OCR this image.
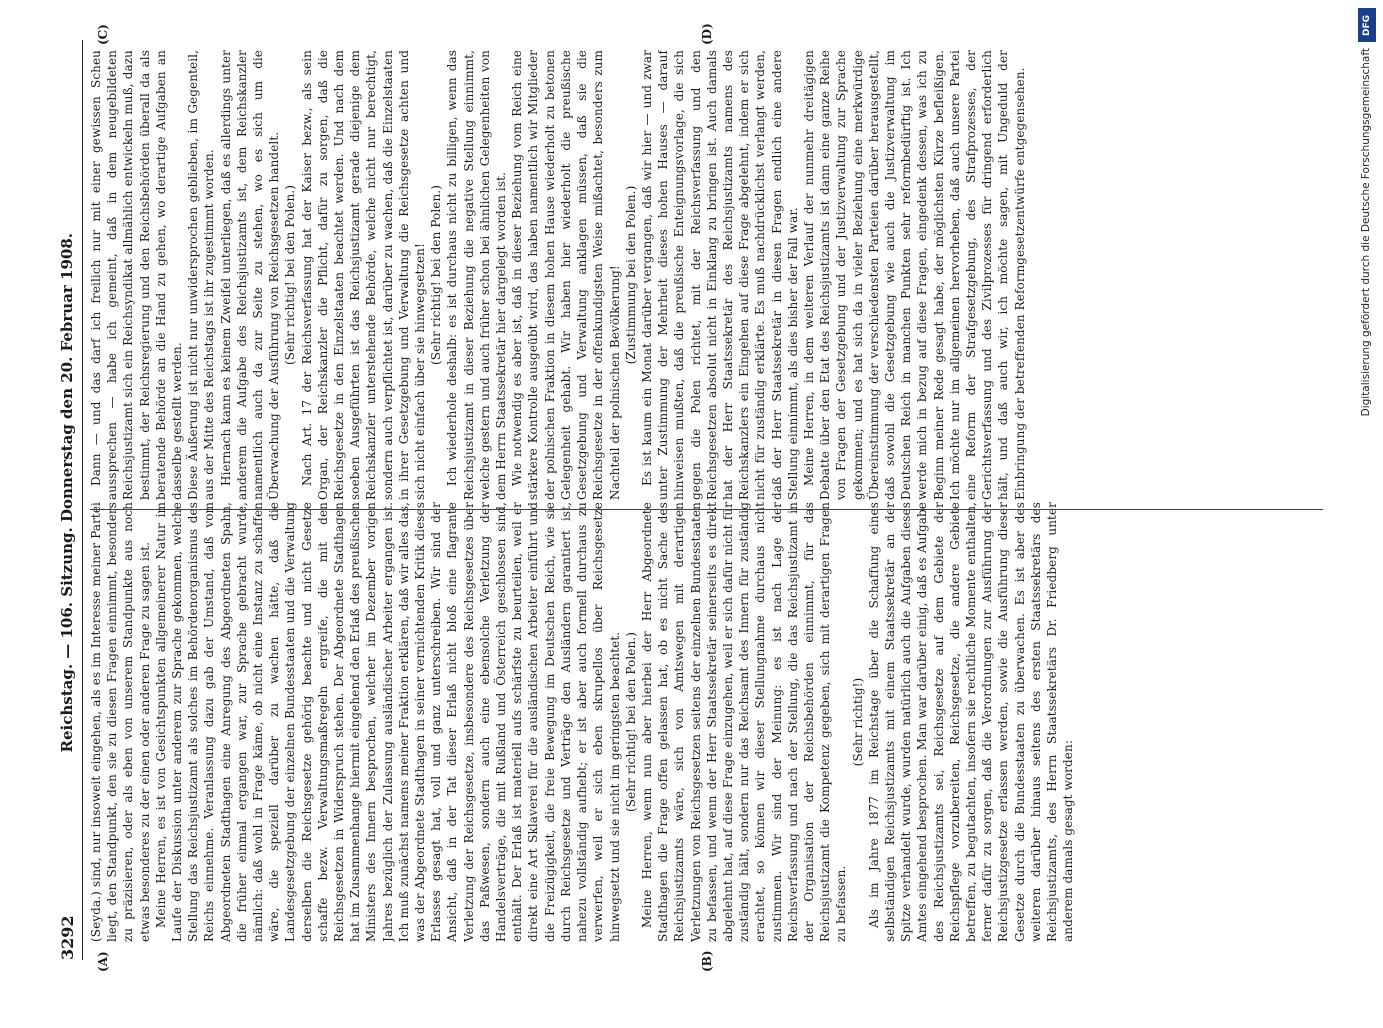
3292
Reichstag. — 106. Sitzung. Donnerstag den 20. Februar 1908.
(A)	(B)
(C)	(D)

(Seyda.) sind, nur insoweit eingehen, als es im Interesse meiner Partei liegt, den Standpunkt, den sie zu diesen Fragen einnimmt, besonders zu präzisieren, oder als eben von unserem Standpunkte aus noch etwas besonderes zu der einen oder anderen Frage zu sagen ist. Meine Herren, es ist von Gesichtspunkten allgemeinerer Natur im Laufe der Diskussion unter anderem zur Sprache gekommen, welche Stellung das Reichsjustizamt als solches im Behördenorganismus des Reichs einnehme. Veranlassung dazu gab der Umstand, daß vom Abgeordneten Stadthagen eine Anregung des Abgeordneten Spahn, die früher einmal ergangen war, zur Sprache gebracht wurde, nämlich: daß wohl in Frage käme, ob nicht eine Instanz zu schaffen wäre, die speziell darüber zu wachen hätte, daß die Landesgesetzgebung der einzelnen Bundesstaaten und die Verwaltung derselben die Reichsgesetze gehörig beachte und nicht Gesetze schaffe bezw. Verwaltungsmaßregeln ergreife, die mit den Reichsgesetzen in Widerspruch stehen. Der Abgeordnete Stadthagen hat im Zusammenhange hiermit eingehend den Erlaß des preußischen Ministers des Innern besprochen, welcher im Dezember vorigen Jahres bezüglich der Zulassung ausländischer Arbeiter ergangen ist. Ich muß zunächst namens meiner Fraktion erklären, daß wir alles das, was der Abgeordnete Stadthagen in seiner vernichtenden Kritik dieses Erlasses gesagt hat, voll und ganz unterschreiben. Wir sind der Ansicht, daß in der Tat dieser Erlaß nicht bloß eine flagrante Verletzung der Reichsgesetze, insbesondere des Reichsgesetzes über das Paßwesen, sondern auch eine ebensolche Verletzung der Handelsverträge, die mit Rußland und Österreich geschlossen sind, enthält. Der Erlaß ist materiell aufs schärfste zu beurteilen, weil er direkt eine Art Sklaverei für die ausländischen Arbeiter einführt und die Freizügigkeit, die freie Bewegung im Deutschen Reich, wie sie durch Reichsgesetze und Verträge den Ausländern garantiert ist, nahezu vollständig aufhebt; er ist aber auch formell durchaus zu verwerfen, weil er sich eben skrupellos über Reichsgesetze hinwegsetzt und sie nicht im geringsten beachtet. (Sehr richtig! bei den Polen.) Meine Herren, wenn nun aber hierbei der Herr Abgeordnete Stadthagen die Frage offen gelassen hat, ob es nicht Sache des Reichsjustizamts wäre, sich von Amtswegen mit derartigen Verletzungen von Reichsgesetzen seitens der einzelnen Bundesstaaten zu befassen, und wenn der Herr Staatssekretär seinerseits es direkt abgelehnt hat, auf diese Frage einzugehen, weil er sich dafür nicht für zuständig hält, sondern nur das Reichsamt des Innern für zuständig erachtet, so können wir dieser Stellungnahme durchaus nicht zustimmen. Wir sind der Meinung: es ist nach Lage der Reichsverfassung und nach der Stellung, die das Reichsjustizamt in der Organisation der Reichsbehörden einnimmt, für das Reichsjustizamt die Kompetenz gegeben, sich mit derartigen Fragen zu befassen.

(Sehr richtig!) Als im Jahre 1877 im Reichstage über die Schaffung eines selbständigen Reichsjustizamts mit einem Staatssekretär an der Spitze verhandelt wurde, wurden natürlich auch die Aufgaben dieses Amtes eingehend besprochen. Man war darüber einig, daß es Aufgabe des Reichsjustizamts sei, Reichsgesetze auf dem Gebiete der Reichspflege vorzubereiten, Reichsgesetze, die andere Gebiete betreffen, zu begutachten, insofern sie rechtliche Momente enthalten, ferner dafür zu sorgen, daß die Verordnungen zur Ausführung der Reichsjustizgesetze erlassen werden, sowie die Ausführung dieser Gesetze durch die Bundesstaaten zu überwachen. Es ist aber des weiteren darüber hinaus seitens des ersten Staatssekretärs des Reichsjustizamts, des Herrn Staatssekretärs Dr. Friedberg unter anderem damals gesagt worden:

Dann — und das darf ich freilich nur mit einer gewissen Scheu aussprechen — habe ich gemeint, daß in dem neugebildeten Reichsjustizamt sich ein Reichsyndikat allmählich entwickeln muß, dazu bestimmt, der Reichsregierung und den Reichsbehörden überall da als beratende Behörde an die Hand zu gehen, wo derartige Aufgaben an dasselbe gestellt werden. Diese Äußerung ist nicht nur unwidersprochen geblieben, im Gegenteil, aus der Mitte des Reichstags ist ihr zugestimmt worden. Hiernach kann es keinem Zweifel unterliegen, daß es allerdings unter anderem die Aufgabe des Reichsjustizamts ist, dem Reichskanzler namentlich auch da zur Seite zu stehen, wo es sich um die Überwachung der Ausführung von Reichsgesetzen handelt. (Sehr richtig! bei den Polen.) Nach Art. 17 der Reichsverfassung hat der Kaiser bezw., als sein Organ, der Reichskanzler die Pflicht, dafür zu sorgen, daß die Reichsgesetze in den Einzelstaaten beachtet werden. Und nach dem soeben Ausgeführten ist das Reichsjustizamt gerade diejenige dem Reichskanzler unterstehende Behörde, welche nicht nur berechtigt, sondern auch verpflichtet ist, darüber zu wachen, daß die Einzelstaaten in ihrer Gesetzgebung und Verwaltung die Reichsgesetze achten und sich nicht einfach über sie hinwegsetzen! (Sehr richtig! bei den Polen.) Ich wiederhole deshalb: es ist durchaus nicht zu billigen, wenn das Reichsjustizamt in dieser Beziehung die negative Stellung einnimmt, welche gestern und auch früher schon bei ähnlichen Gelegenheiten von dem Herrn Staatssekretär hier dargelegt worden ist. Wie notwendig es aber ist, daß in dieser Beziehung vom Reich eine stärkere Kontrolle ausgeübt wird, das haben namentlich wir Mitglieder der polnischen Fraktion in diesem hohen Hause wiederholt zu betonen Gelegenheit gehabt. Wir haben hier wiederholt die preußische Gesetzgebung und Verwaltung anklagen müssen, daß sie die Reichsgesetze in der offenkundigsten Weise mißachtet, besonders zum Nachteil der polnischen Bevölkerung! (Zustimmung bei den Polen.) Es ist kaum ein Monat darüber vergangen, daß wir hier — und zwar unter Zustimmung der Mehrheit dieses hohen Hauses — darauf hinweisen mußten, daß die preußische Enteignungsvorlage, die sich gegen die Polen richtet, mit der Reichsverfassung und den Reichsgesetzen absolut nicht in Einklang zu bringen ist. Auch damals hat der Herr Staatssekretär des Reichsjustizamts namens des Reichskanzlers ein Eingehen auf diese Frage abgelehnt, indem er sich nicht für zuständig erklärte. Es muß nachdrücklichst verlangt werden, daß der Herr Staatssekretär in diesen Fragen endlich eine andere Stellung einnimmt, als dies bisher der Fall war. Meine Herren, in dem weiteren Verlauf der nunmehr dreitägigen Debatte über den Etat des Reichsjustizamts ist dann eine ganze Reihe von Fragen der Gesetzgebung und der Justizverwaltung zur Sprache gekommen; und es hat sich da in vieler Beziehung eine merkwürdige Übereinstimmung der verschiedensten Parteien darüber herausgestellt, daß sowohl die Gesetzgebung wie auch die Justizverwaltung im Deutschen Reich in manchen Punkten sehr reformbedürftig ist. Ich werde mich in bezug auf diese Fragen, eingedenk dessen, was ich zu Beginn meiner Rede gesagt habe, der möglichsten Kürze befleißigen. Ich möchte nur im allgemeinen hervorheben, daß auch unsere Partei eine Reform der Strafgesetzgebung, des Strafprozesses, der Gerichtsverfassung und des Zivilprozesses für dringend erforderlich hält, und daß auch wir, ich möchte sagen, mit Ungeduld der Einbringung der betreffenden Reformgesetzentwürfe entgegensehen.

DFG
Digitalisierung gefördert durch die Deutsche Forschungsgemeinschaft
